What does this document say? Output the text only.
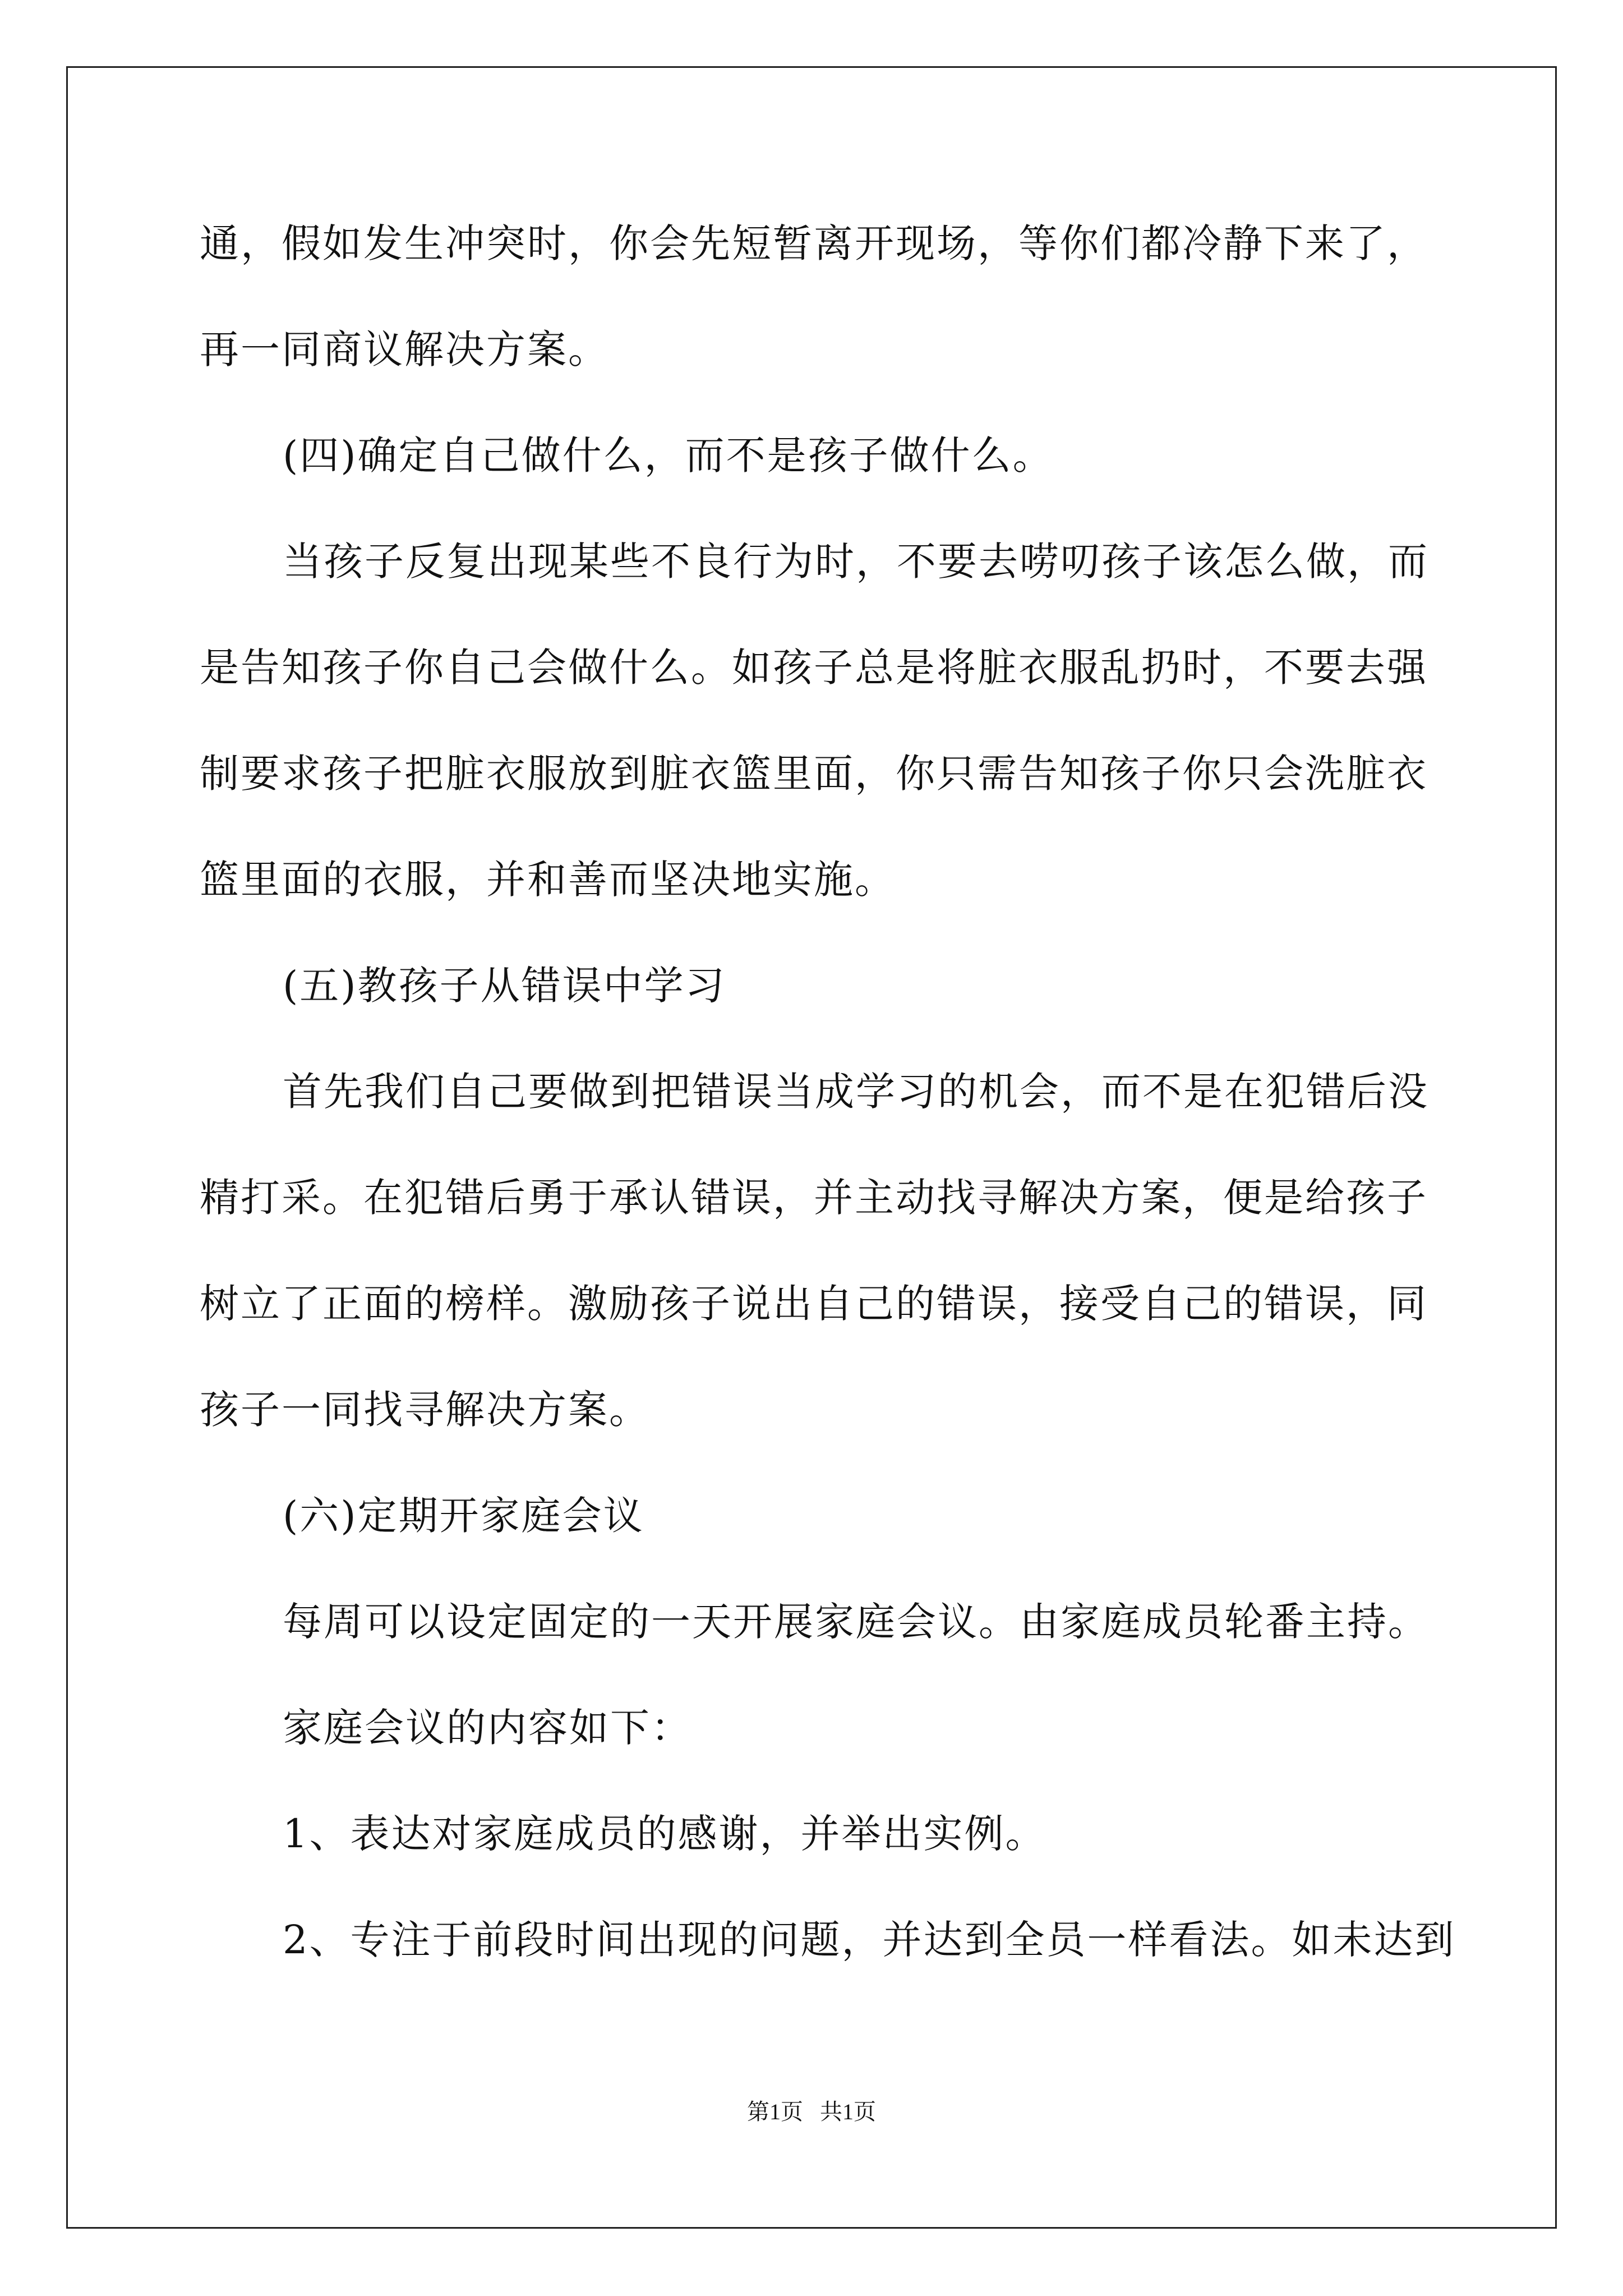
通，假如发生冲突时，你会先短暂离开现场，等你们都冷静下来了，
再一同商议解决方案。
(四)确定自己做什么，而不是孩子做什么。
当孩子反复出现某些不良行为时，不要去唠叨孩子该怎么做，而
是告知孩子你自己会做什么。如孩子总是将脏衣服乱扔时，不要去强
制要求孩子把脏衣服放到脏衣篮里面，你只需告知孩子你只会洗脏衣
篮里面的衣服，并和善而坚决地实施。
(五)教孩子从错误中学习
首先我们自己要做到把错误当成学习的机会，而不是在犯错后没
精打采。在犯错后勇于承认错误，并主动找寻解决方案，便是给孩子
树立了正面的榜样。激励孩子说出自己的错误，接受自己的错误，同
孩子一同找寻解决方案。
(六)定期开家庭会议
每周可以设定固定的一天开展家庭会议。由家庭成员轮番主持。
家庭会议的内容如下：
1、表达对家庭成员的感谢，并举出实例。
2、专注于前段时间出现的问题，并达到全员一样看法。如未达到
第1页   共1页
